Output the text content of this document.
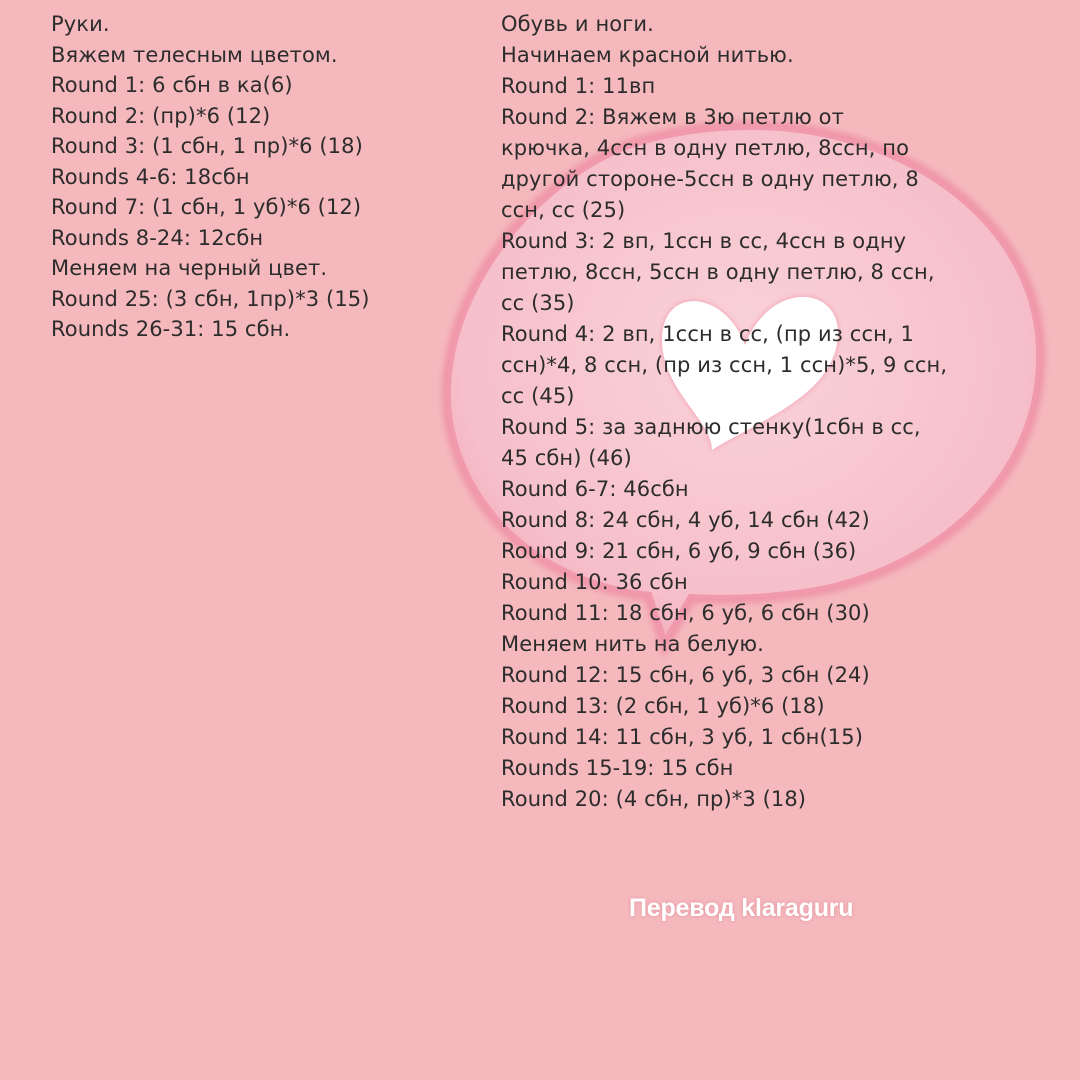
Руки.
Вяжем телесным цветом.
Round 1: 6 сбн в ка(6)
Round 2: (пр)*6 (12)
Round 3: (1 сбн, 1 пр)*6 (18)
Rounds 4-6: 18сбн
Round 7: (1 сбн, 1 уб)*6 (12)
Rounds 8-24: 12сбн
Меняем на черный цвет.
Round 25: (3 сбн, 1пр)*3 (15)
Rounds 26-31: 15 сбн.
Обувь и ноги.
Начинаем красной нитью.
Round 1: 11вп
Round 2: Вяжем в 3ю петлю от
крючка, 4ссн в одну петлю, 8ссн, по
другой стороне-5ссн в одну петлю, 8
ссн, сс (25)
Round 3: 2 вп, 1ссн в сс, 4ссн в одну
петлю, 8ссн, 5ссн в одну петлю, 8 ссн,
сс (35)
Round 4: 2 вп, 1ссн в сс, (пр из ссн, 1
ссн)*4, 8 ссн, (пр из ссн, 1 ссн)*5, 9 ссн,
сс (45)
Round 5: за заднюю стенку(1сбн в сс,
45 сбн) (46)
Round 6-7: 46сбн
Round 8: 24 сбн, 4 уб, 14 сбн (42)
Round 9: 21 сбн, 6 уб, 9 сбн (36)
Round 10: 36 сбн
Round 11: 18 сбн, 6 уб, 6 сбн (30)
Меняем нить на белую.
Round 12: 15 сбн, 6 уб, 3 сбн (24)
Round 13: (2 сбн, 1 уб)*6 (18)
Round 14: 11 сбн, 3 уб, 1 сбн(15)
Rounds 15-19: 15 сбн
Round 20: (4 сбн, пр)*3 (18)
Перевод klaraguru
